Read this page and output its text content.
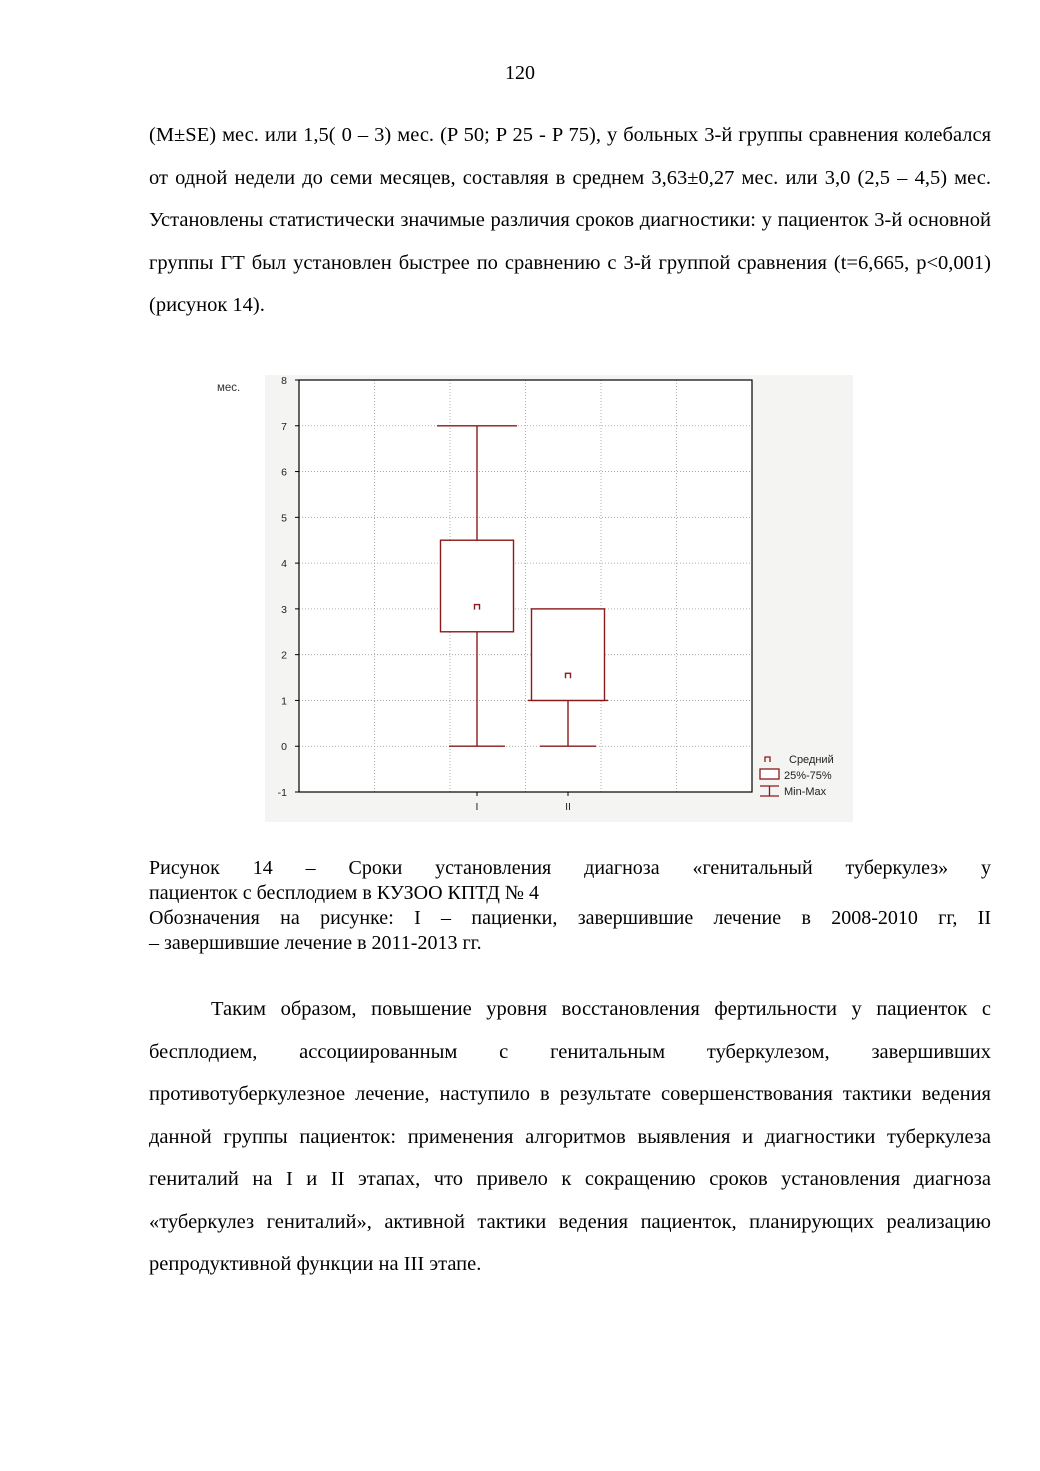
120

(M±SE) мес. или 1,5( 0 – 3) мес. (P 50; P 25 - P 75), у больных 3-й группы сравнения колебался от одной недели до семи месяцев, составляя в среднем 3,63±0,27 мес. или 3,0 (2,5 – 4,5) мес. Установлены статистически значимые различия сроков диагностики: у пациенток 3-й основной группы ГТ был установлен быстрее по сравнению с 3-й группой сравнения (t=6,665, p<0,001) (рисунок 14).

-1
0
1
2
3
4
5
6
7
8
мес.
I	II
Средний
25%-75%
Min-Max

Рисунок 14 – Сроки установления диагноза «генитальный туберкулез» у

пациенток с бесплодием в КУЗОО КПТД № 4

Обозначения на рисунке: I – пациенки, завершившие лечение в 2008-2010 гг, II

– завершившие лечение в 2011-2013 гг.

Таким образом, повышение уровня восстановления фертильности у пациенток с бесплодием, ассоциированным с генитальным туберкулезом, завершивших противотуберкулезное лечение, наступило в результате совершенствования тактики ведения данной группы пациенток: применения алгоритмов выявления и диагностики туберкулеза гениталий на I и II этапах, что привело к сокращению сроков установления диагноза «туберкулез гениталий», активной тактики ведения пациенток, планирующих реализацию репродуктивной функции на III этапе.
